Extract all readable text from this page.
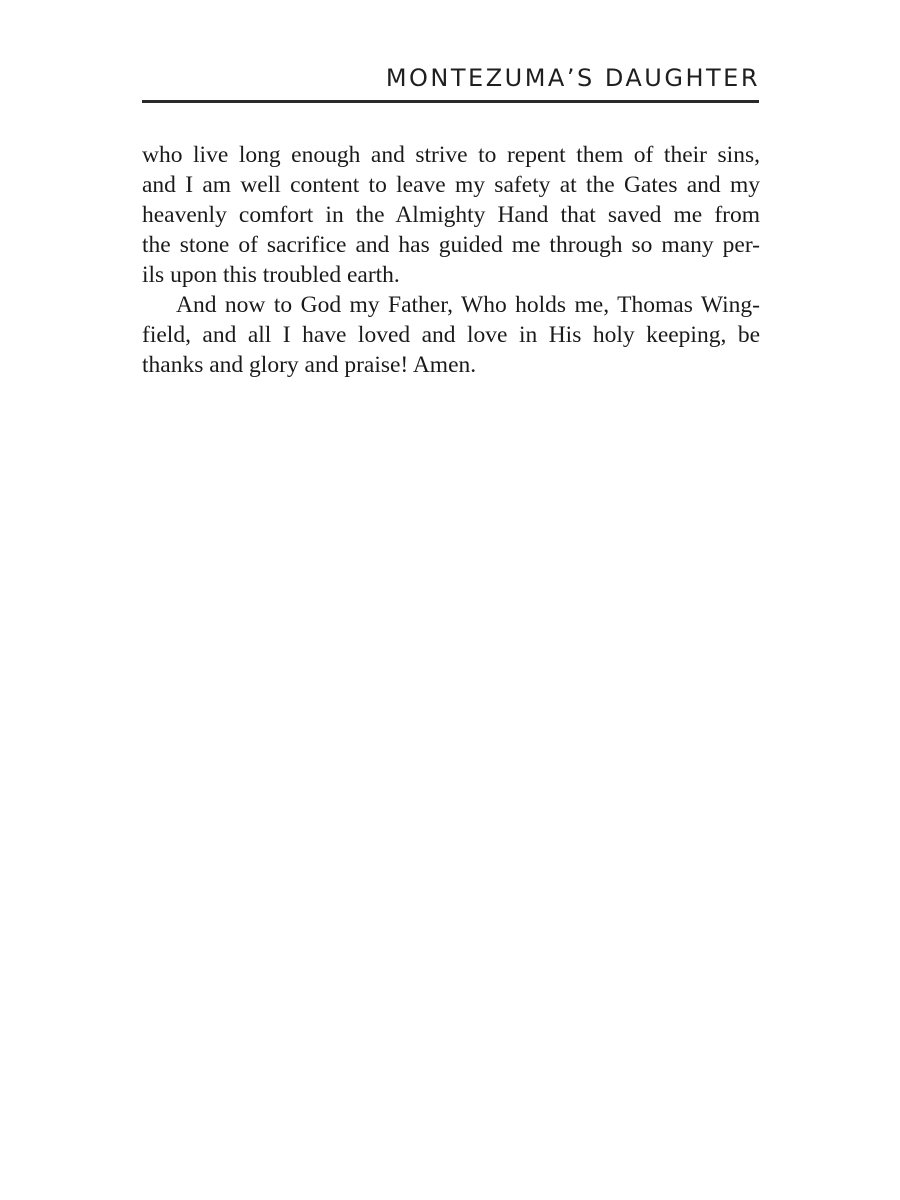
MONTEZUMA’S DAUGHTER
who live long enough and strive to repent them of their sins,
and I am well content to leave my safety at the Gates and my
heavenly comfort in the Almighty Hand that saved me from
the stone of sacrifice and has guided me through so many per-
ils upon this troubled earth.
And now to God my Father, Who holds me, Thomas Wing-
field, and all I have loved and love in His holy keeping, be
thanks and glory and praise! Amen.
